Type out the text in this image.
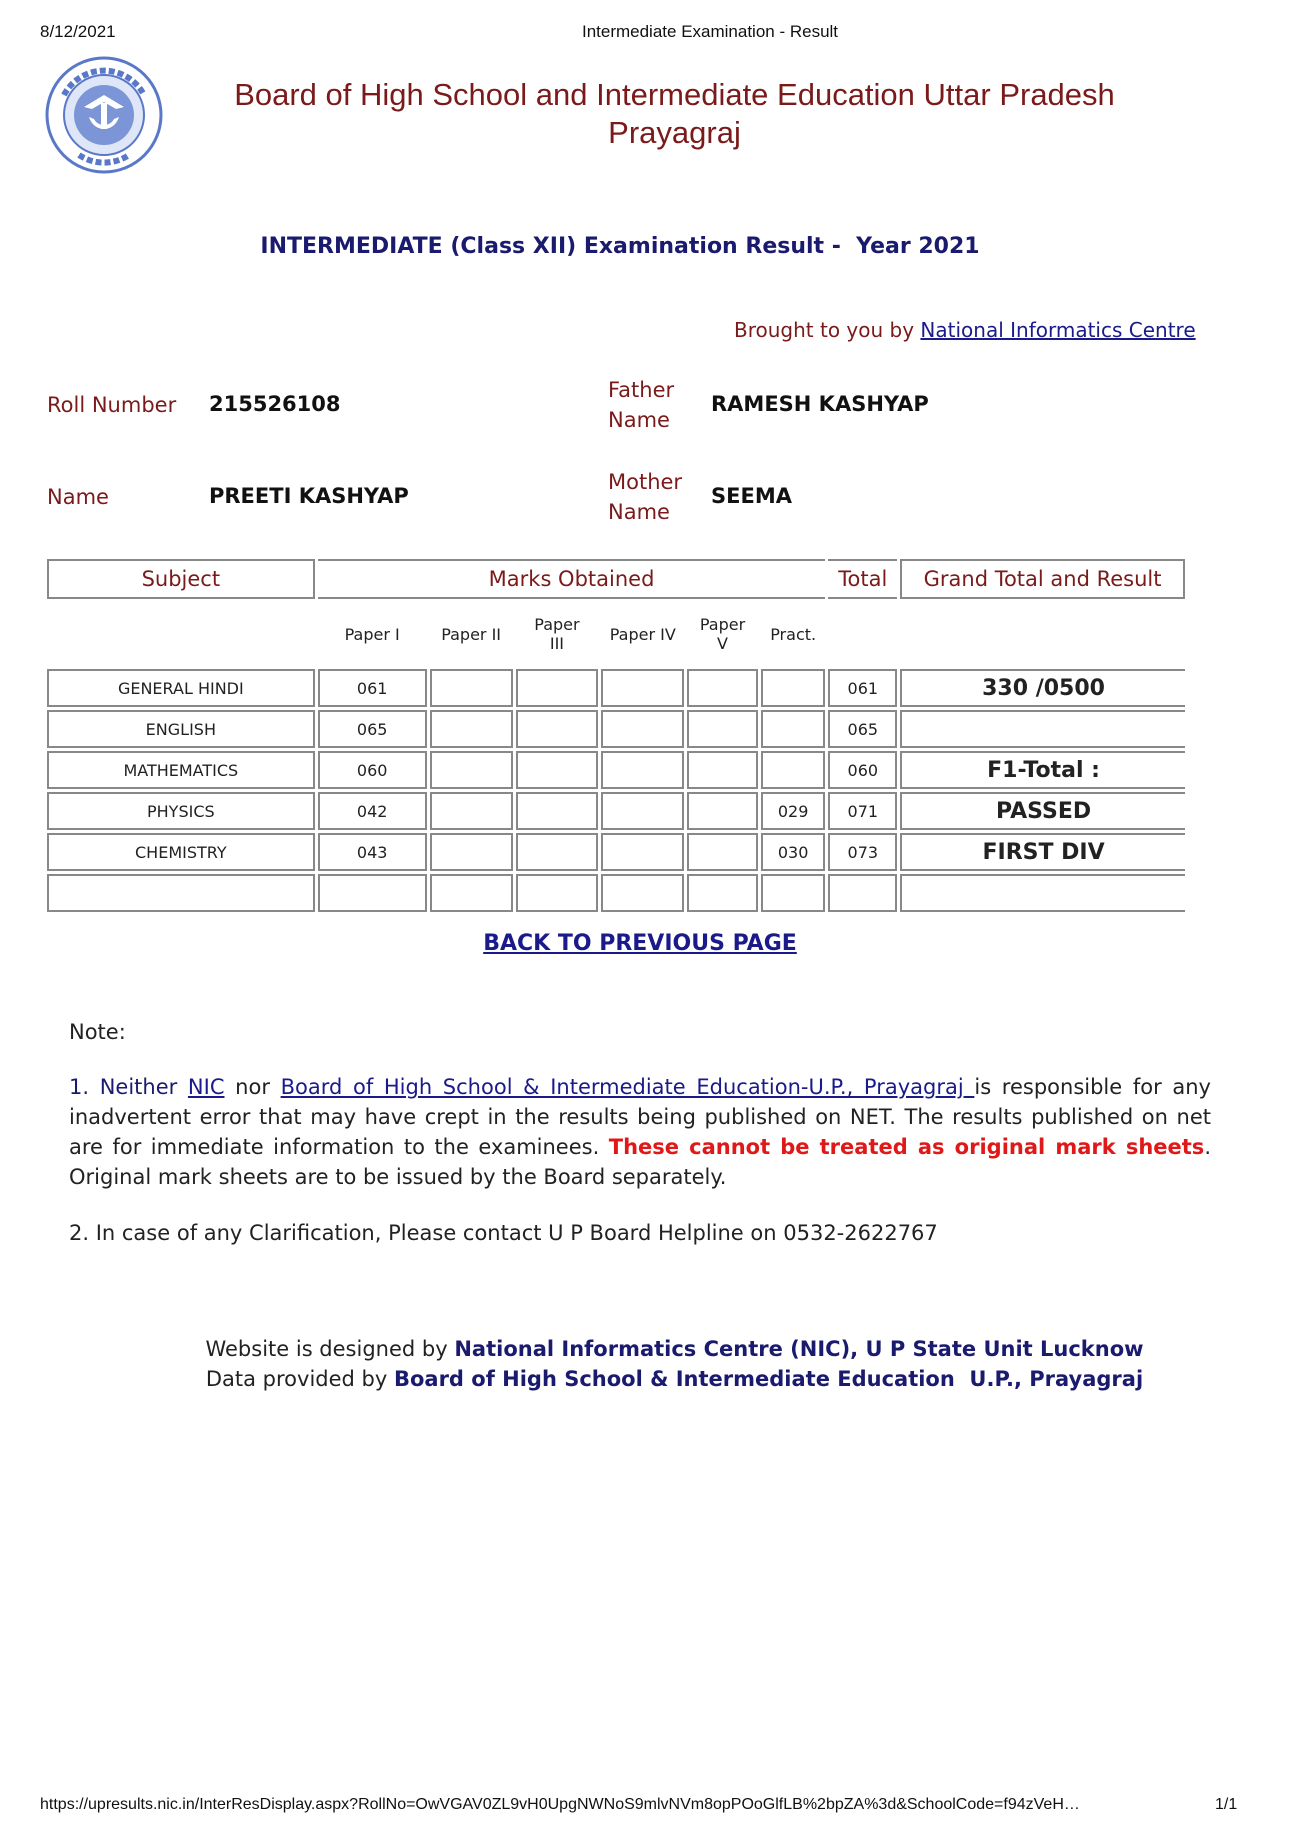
8/12/2021	Intermediate Examination - Result
Board of High School and Intermediate Education Uttar Pradesh
Prayagraj
INTERMEDIATE (Class XII) Examination Result -  Year 2021
Brought to you by National Informatics Centre
Roll Number 215526108
Father
Name
RAMESH KASHYAP
Name	PREETI KASHYAP
Mother
Name
SEEMA
Subject	Marks Obtained						Total	Grand Total and Result
	Paper I	Paper II	Paper
III	Paper IV	Paper
V	Pract.		
GENERAL HINDI	061						061	330 /0500
ENGLISH	065						065	
MATHEMATICS	060						060	F1-Total :
PHYSICS	042					029	071	PASSED
CHEMISTRY	043					030	073	FIRST DIV

BACK TO PREVIOUS PAGE
Note:
1. Neither NIC nor Board of High School & Intermediate Education-U.P., Prayagraj is responsible for any inadvertent error that may have crept in the results being published on NET. The results published on net are for immediate information to the examinees. These cannot be treated as original mark sheets. Original mark sheets are to be issued by the Board separately.
2. In case of any Clarification, Please contact U P Board Helpline on 0532-2622767
Website is designed by National Informatics Centre (NIC), U P State Unit Lucknow
Data provided by Board of High School & Intermediate Education  U.P., Prayagraj
https://upresults.nic.in/InterResDisplay.aspx?RollNo=OwVGAV0ZL9vH0UpgNWNoS9mlvNVm8opPOoGlfLB%2bpZA%3d&SchoolCode=f94zVeH…	1/1
